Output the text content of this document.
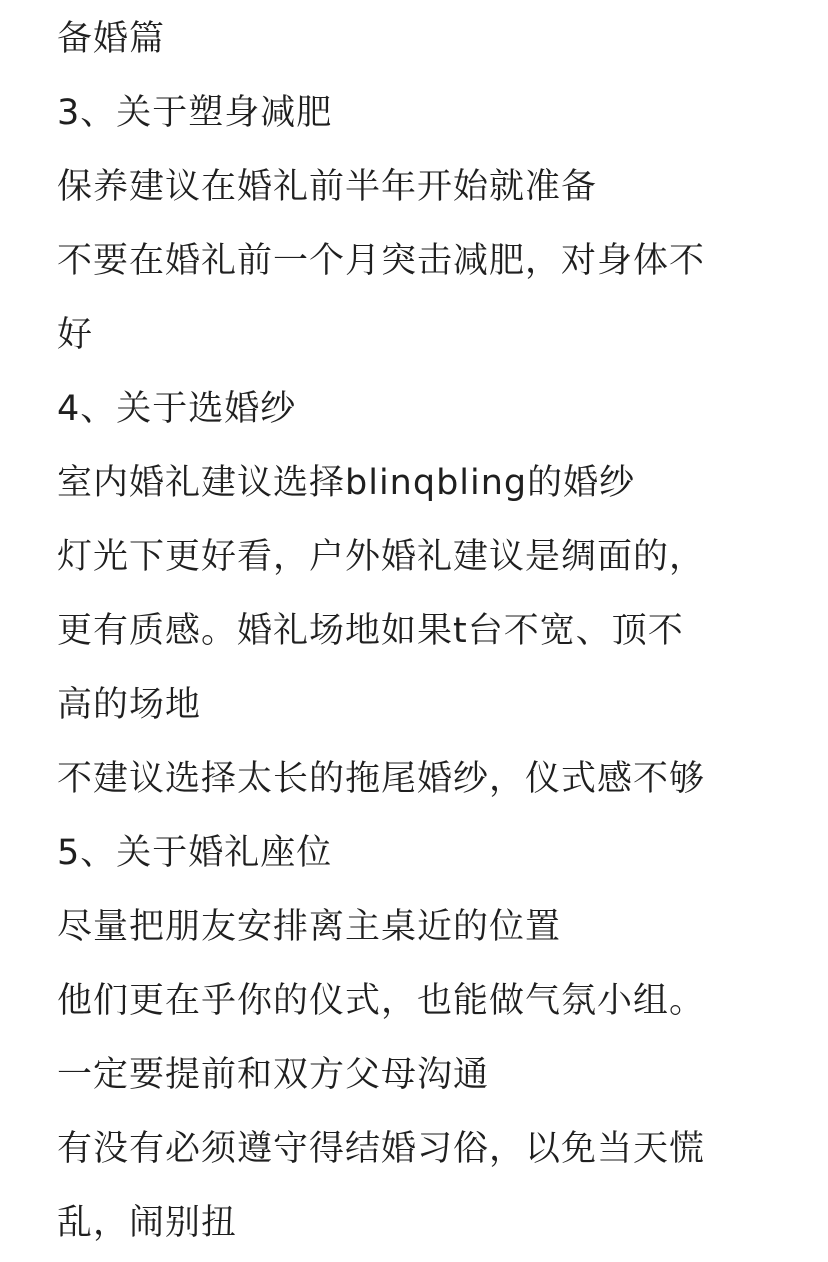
备婚篇
3、关于塑身减肥
保养建议在婚礼前半年开始就准备
不要在婚礼前一个月突击减肥，对身体不
好
4、关于选婚纱
室内婚礼建议选择blinqbling的婚纱
灯光下更好看，户外婚礼建议是绸面的，
更有质感。婚礼场地如果t台不宽、顶不
高的场地
不建议选择太长的拖尾婚纱，仪式感不够
5、关于婚礼座位
尽量把朋友安排离主桌近的位置
他们更在乎你的仪式，也能做气氛小组。
一定要提前和双方父母沟通
有没有必须遵守得结婚习俗，以免当天慌
乱，闹别扭
